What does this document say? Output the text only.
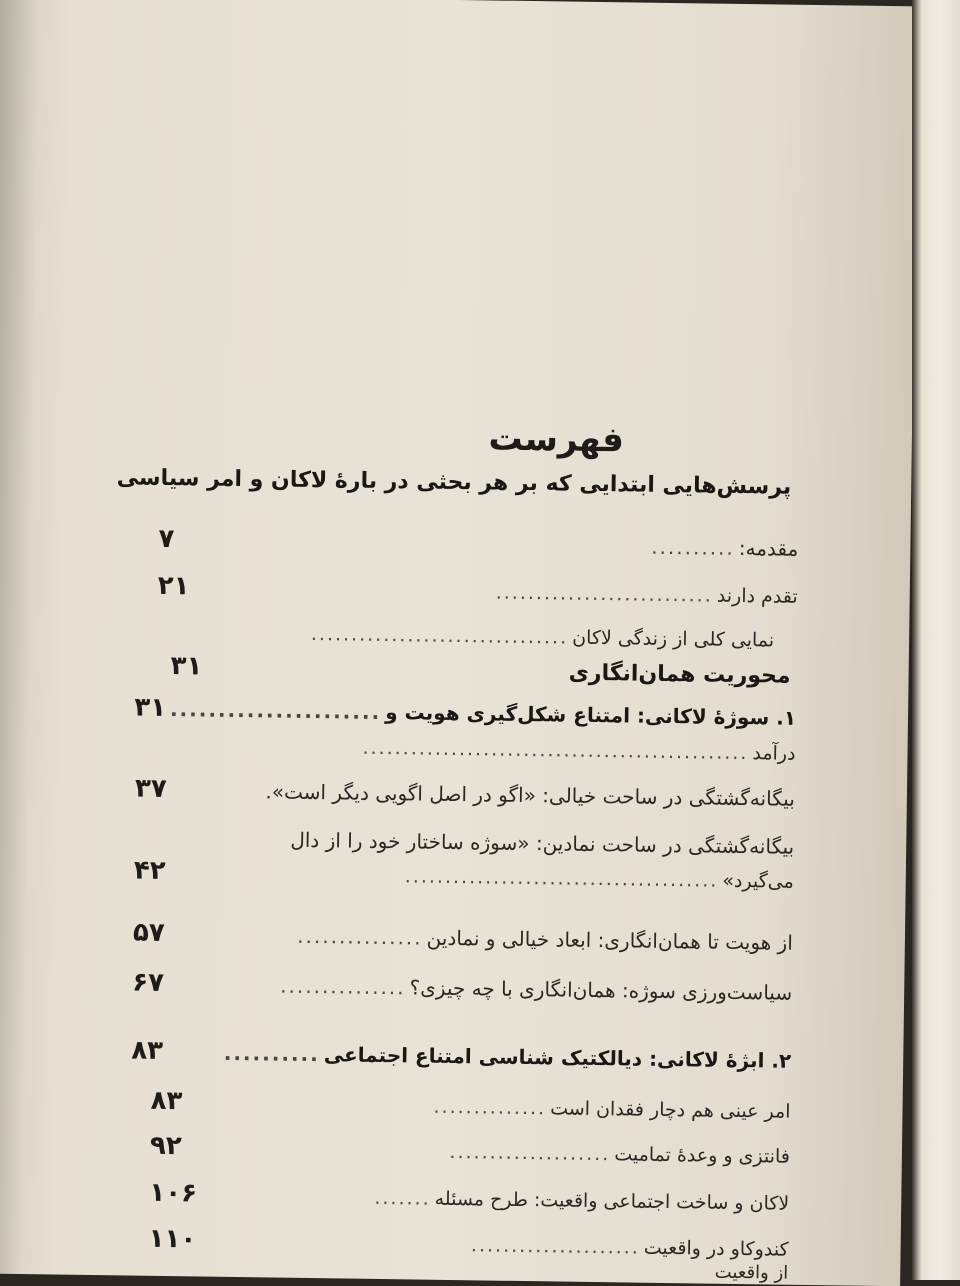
فهرست
پرسش‌هایی ابتدایی که بر هر بحثی در بارهٔ لاکان و امر سیاسی
مقدمه:
..........
۷
تقدم دارند
...........................
۲۱
نمایی کلی از زندگی لاکان
................................
محوریت همان‌انگاری
۳۱
۱. سوژهٔ لاکانی: امتناع شکل‌گیری هویت و
......................
۳۱
درآمد
................................................
بیگانه‌گشتگی در ساحت خیالی: «اگو در اصل اگویی دیگر است».
۳۷
بیگانه‌گشتگی در ساحت نمادین: «سوژه ساختار خود را از دال
می‌گیرد»
.......................................
۴۲
از هویت تا همان‌انگاری: ابعاد خیالی و نمادین
...............
۵۷
سیاست‌ورزی سوژه: همان‌انگاری با چه چیزی؟
...............
۶۷
۲. ابژهٔ لاکانی: دیالکتیک شناسی امتناع اجتماعی
..........
۸۳
امر عینی هم دچار فقدان است
..............
۸۳
فانتزی و وعدهٔ تمامیت
....................
۹۲
لاکان و ساخت اجتماعی واقعیت: طرح مسئله
.......
۱۰۶
کندوکاو در واقعیت
.....................
۱۱۰
از واقعیت
